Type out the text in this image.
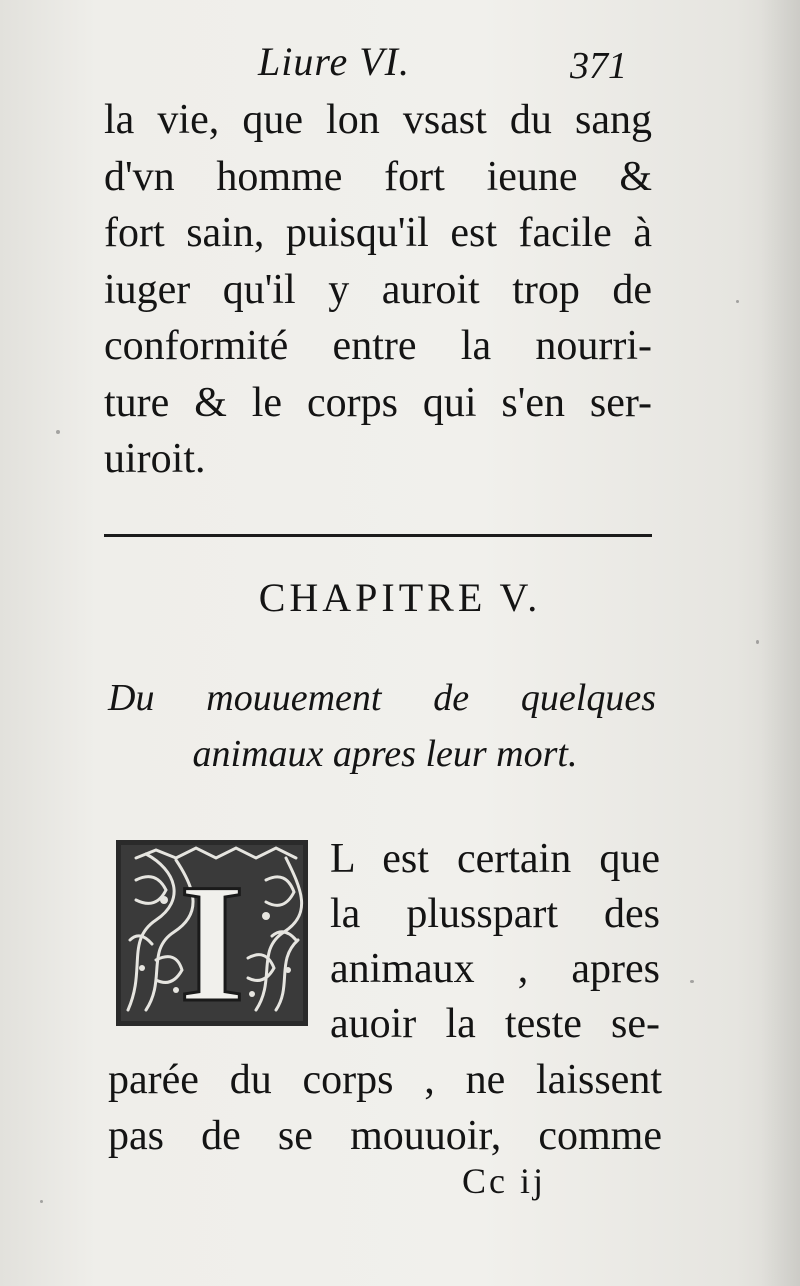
Liure VI.	371
la vie, que lon vsast du sang
d'vn homme fort ieune &
fort sain, puisqu'il est facile à
iuger qu'il y auroit trop de
conformité entre la nourri-
ture & le corps qui s'en ser-
uiroit.
CHAPITRE V.
Du mouuement de quelques
animaux apres leur mort.
I L est certain que
la plusspart des
animaux , apres
auoir la teste se-
parée du corps , ne laissent
pas de se mouuoir, comme
Cc ij
